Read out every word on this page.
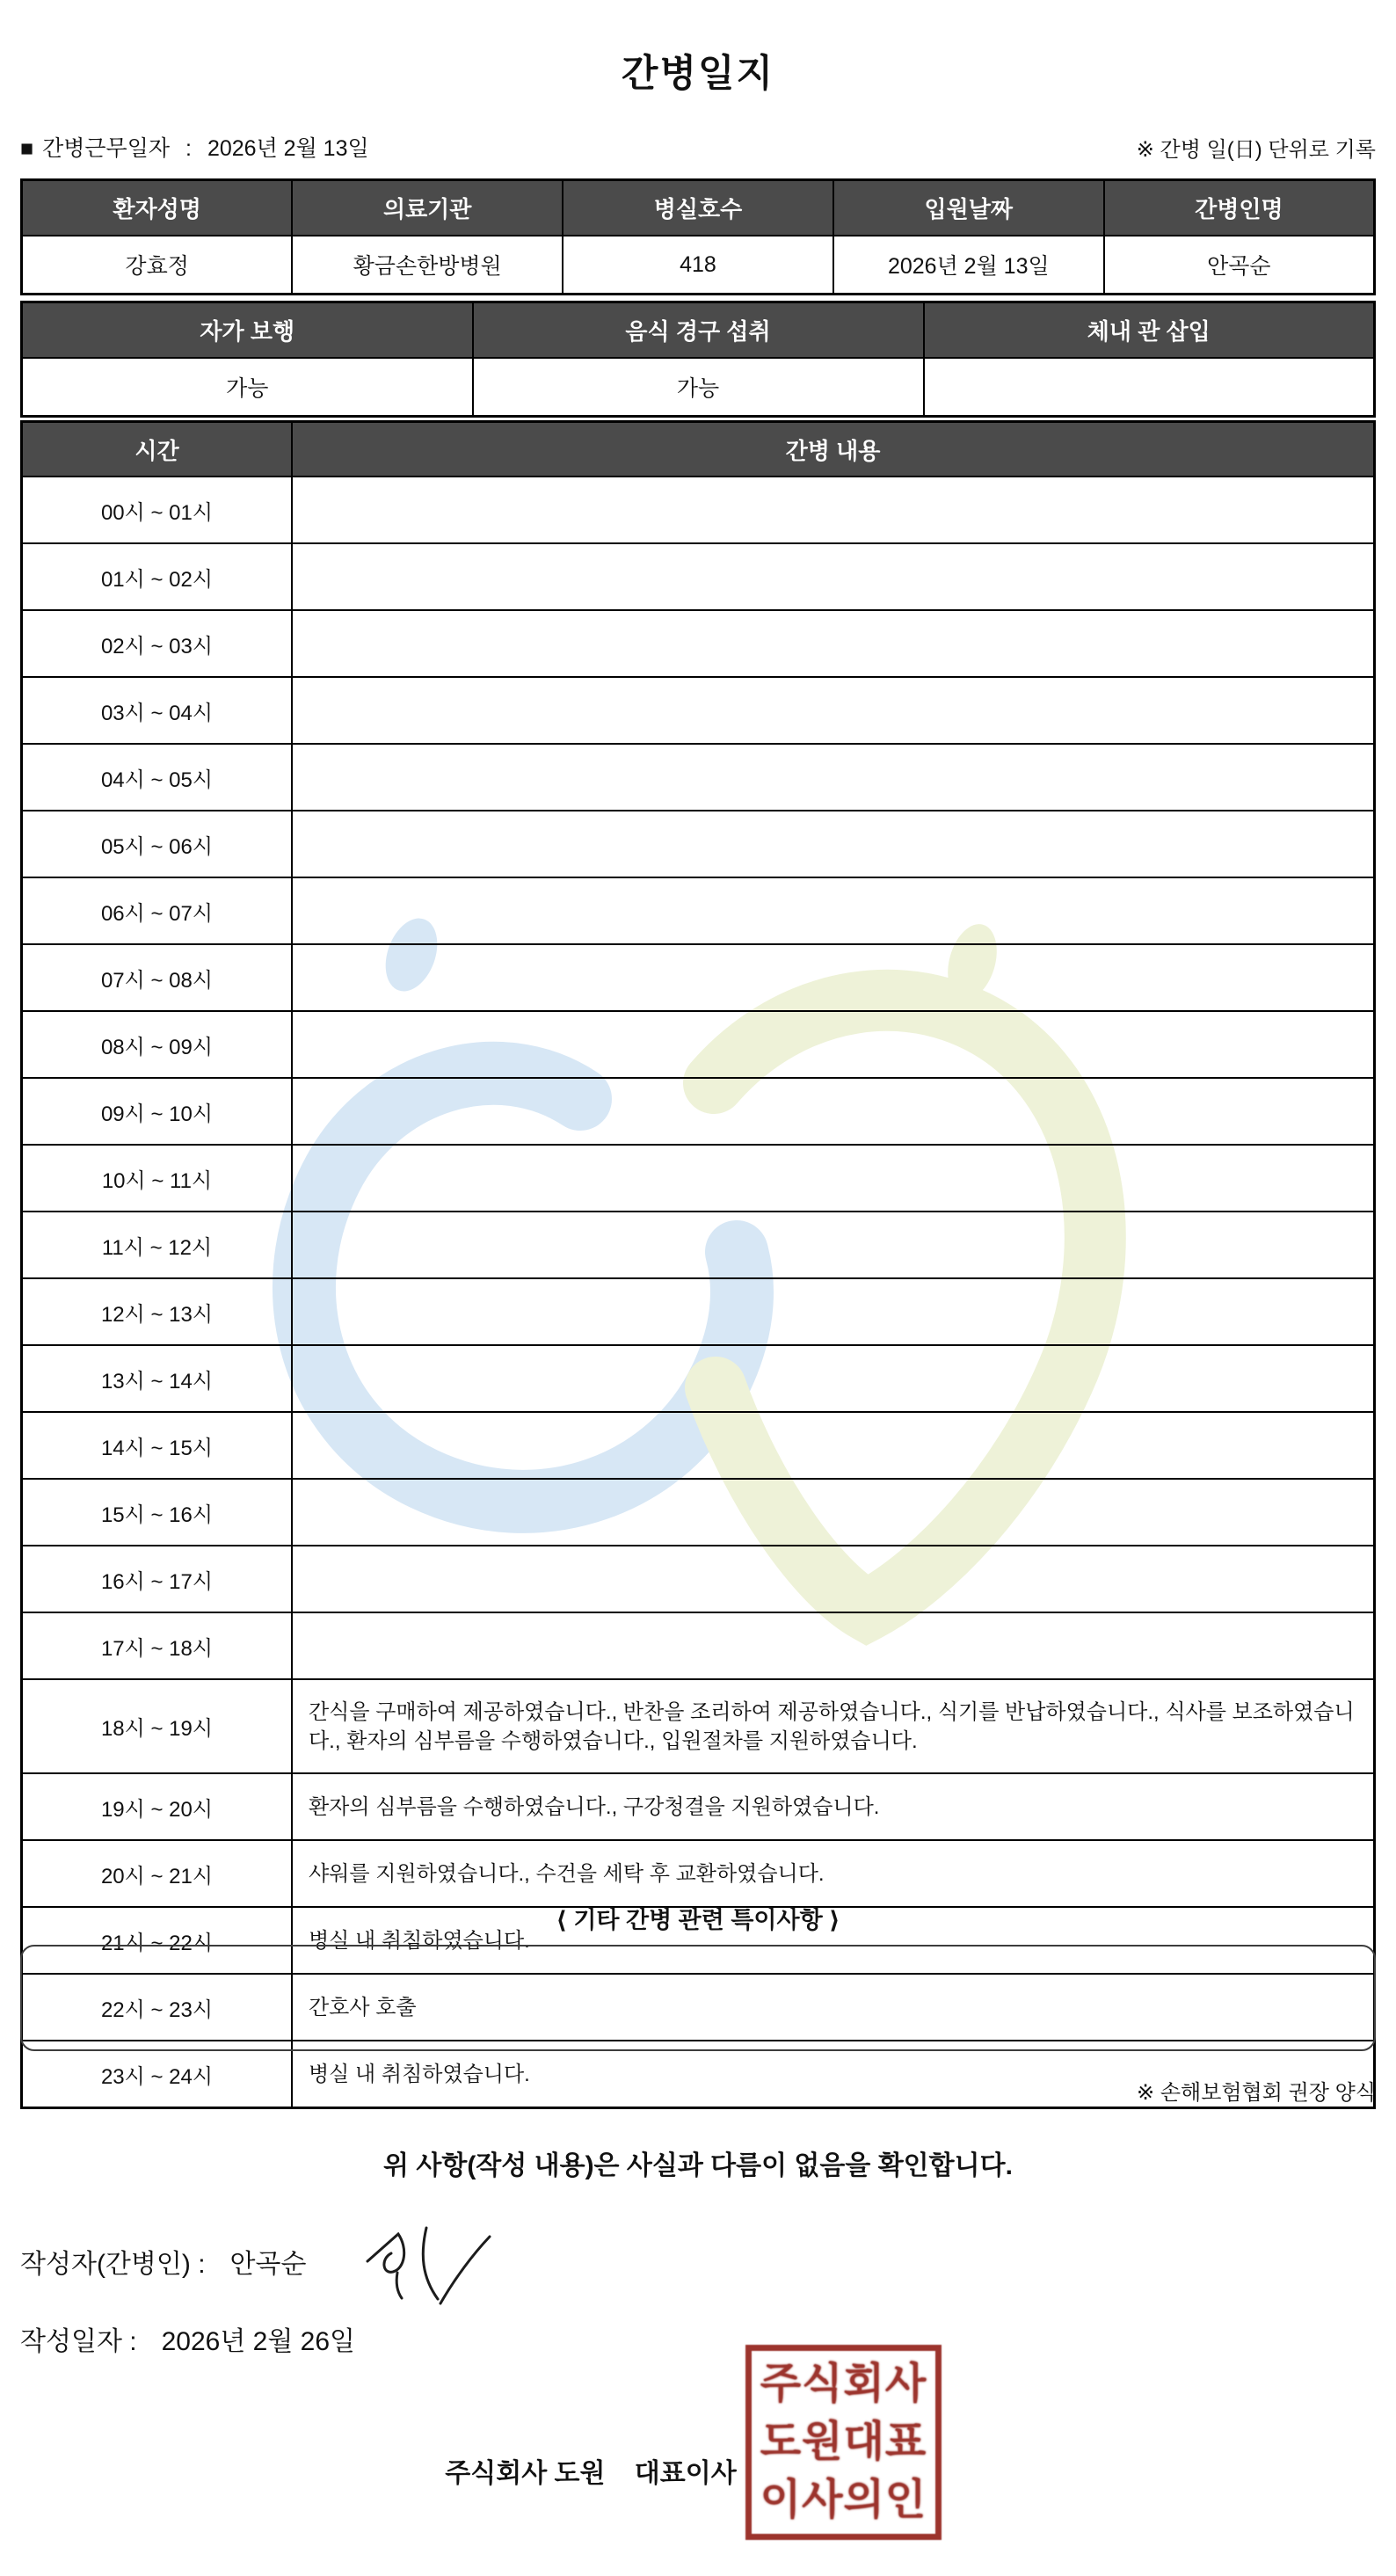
간병일지
■ 간병근무일자 : 2026년 2월 13일	※ 간병 일(日) 단위로 기록
환자성명	의료기관	병실호수	입원날짜	간병인명
강효정	황금손한방병원	418	2026년 2월 13일	안곡순
자가 보행	음식 경구 섭취	체내 관 삽입
가능	가능	
시간	간병 내용
00시 ~ 01시	
01시 ~ 02시	
02시 ~ 03시	
03시 ~ 04시	
04시 ~ 05시	
05시 ~ 06시	
06시 ~ 07시	
07시 ~ 08시	
08시 ~ 09시	
09시 ~ 10시	
10시 ~ 11시	
11시 ~ 12시	
12시 ~ 13시	
13시 ~ 14시	
14시 ~ 15시	
15시 ~ 16시	
16시 ~ 17시	
17시 ~ 18시	
18시 ~ 19시	간식을 구매하여 제공하였습니다., 반찬을 조리하여 제공하였습니다., 식기를 반납하였습니다., 식사를 보조하였습니다., 환자의 심부름을 수행하였습니다., 입원절차를 지원하였습니다.
19시 ~ 20시	환자의 심부름을 수행하였습니다., 구강청결을 지원하였습니다.
20시 ~ 21시	샤워를 지원하였습니다., 수건을 세탁 후 교환하였습니다.
21시 ~ 22시	병실 내 취침하였습니다.
22시 ~ 23시	간호사 호출
23시 ~ 24시	병실 내 취침하였습니다.
⟨ 기타 간병 관련 특이사항 ⟩
※ 손해보험협회 권장 양식
위 사항(작성 내용)은 사실과 다름이 없음을 확인합니다.
작성자(간병인) : 안곡순
작성일자 : 2026년 2월 26일
주식회사 도원    대표이사
주식회사
도원대표
이사의인
